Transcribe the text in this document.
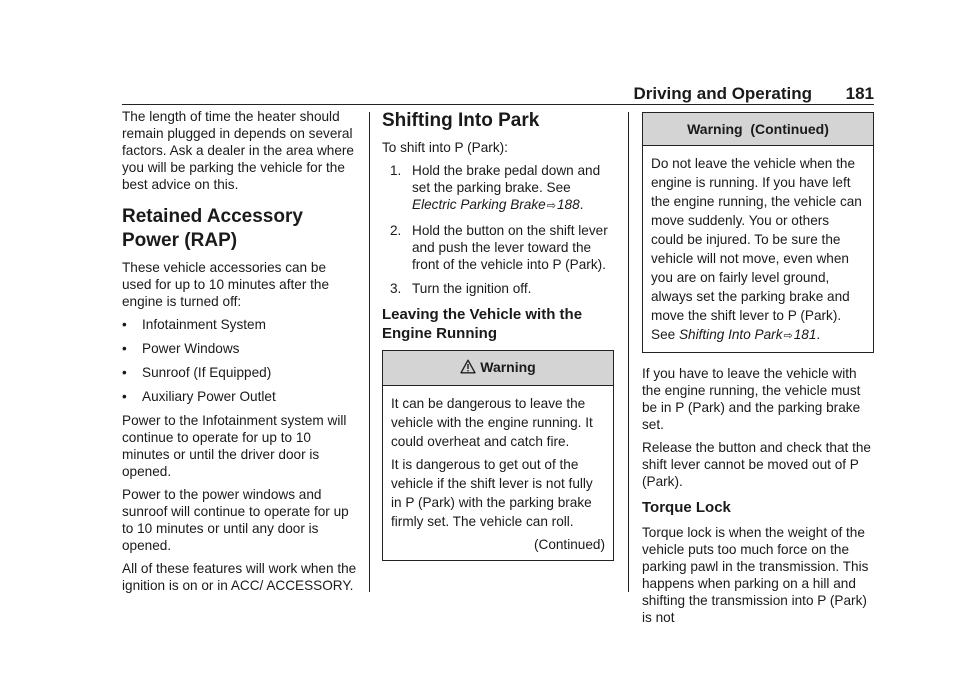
Driving and Operating 181

The length of time the heater should remain plugged in depends on several factors. Ask a dealer in the area where you will be parking the vehicle for the best advice on this.

Retained Accessory
Power (RAP)

These vehicle accessories can be used for up to 10 minutes after the engine is turned off:

• Infotainment System
• Power Windows
• Sunroof (If Equipped)
• Auxiliary Power Outlet

Power to the Infotainment system will continue to operate for up to 10 minutes or until the driver door is opened.

Power to the power windows and sunroof will continue to operate for up to 10 minutes or until any door is opened.

All of these features will work when the ignition is on or in ACC/ ACCESSORY.

Shifting Into Park

To shift into P (Park):

1. Hold the brake pedal down and set the parking brake. See Electric Parking Brake⇨188.
2. Hold the button on the shift lever and push the lever toward the front of the vehicle into P (Park).
3. Turn the ignition off.
Leaving the Vehicle with the
Engine Running
Warning

It can be dangerous to leave the vehicle with the engine running. It could overheat and catch fire.

It is dangerous to get out of the vehicle if the shift lever is not fully in P (Park) with the parking brake firmly set. The vehicle can roll.

(Continued)
Warning  (Continued)
Do not leave the vehicle when the engine is running. If you have left the engine running, the vehicle can move suddenly. You or others could be injured. To be sure the vehicle will not move, even when you are on fairly level ground, always set the parking brake and move the shift lever to P (Park). See Shifting Into Park⇨181.

If you have to leave the vehicle with the engine running, the vehicle must be in P (Park) and the parking brake set.

Release the button and check that the shift lever cannot be moved out of P (Park).

Torque Lock

Torque lock is when the weight of the vehicle puts too much force on the parking pawl in the transmission. This happens when parking on a hill and shifting the transmission into P (Park) is not
